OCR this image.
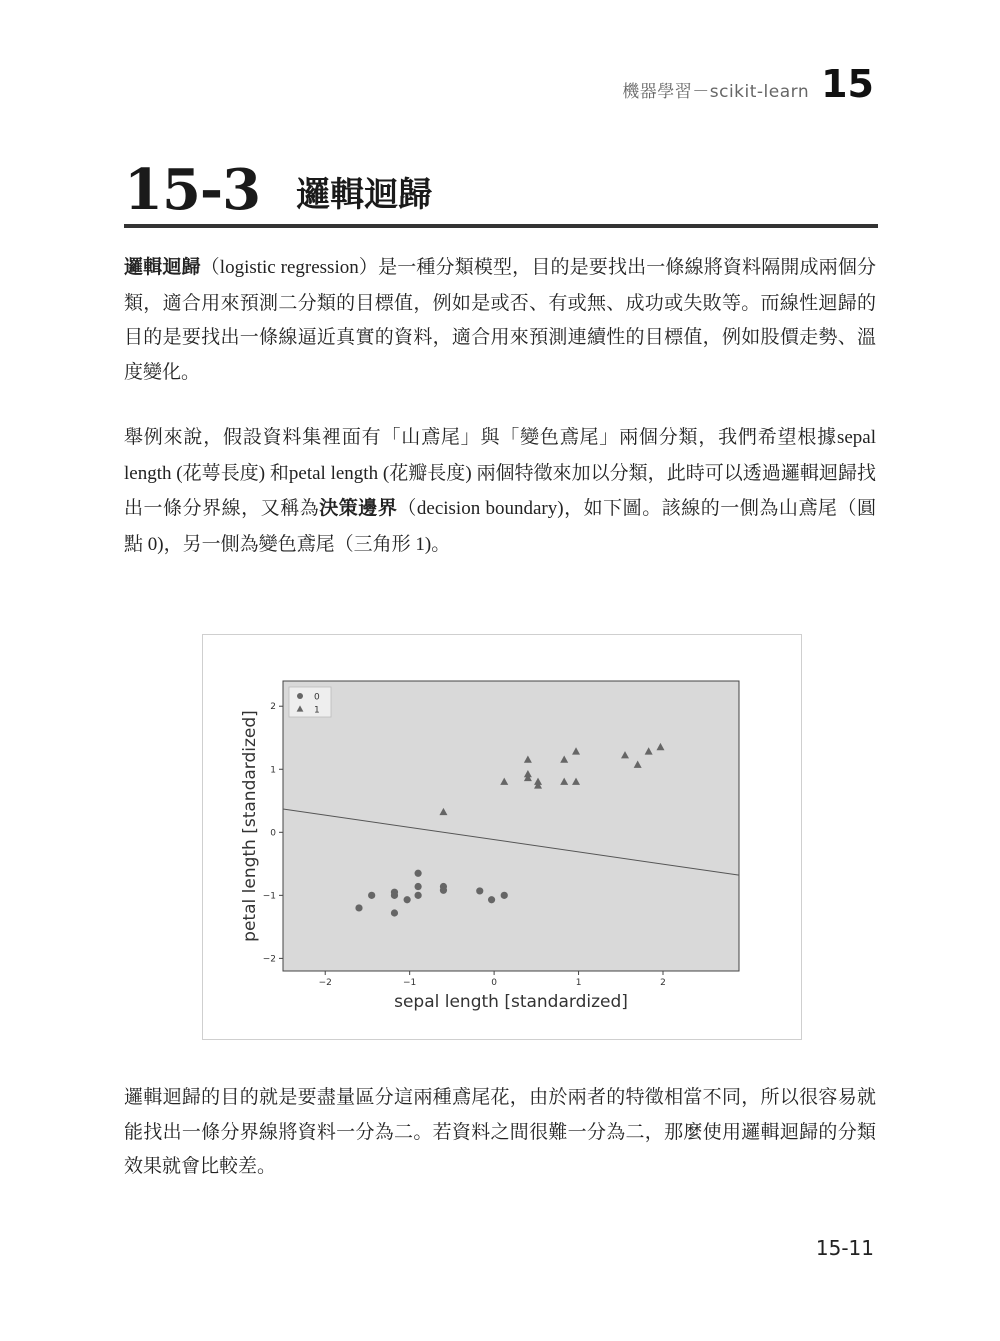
機器學習－scikit-learn 15
15-3 邏輯迴歸
邏輯迴歸（logistic regression）是一種分類模型，目的是要找出一條線將資料隔開成兩個分類，適合用來預測二分類的目標值，例如是或否、有或無、成功或失敗等。而線性迴歸的目的是要找出一條線逼近真實的資料，適合用來預測連續性的目標值，例如股價走勢、溫度變化。
舉例來說，假設資料集裡面有「山鳶尾」與「變色鳶尾」兩個分類，我們希望根據sepal length (花萼長度) 和petal length (花瓣長度) 兩個特徵來加以分類，此時可以透過邏輯迴歸找出一條分界線，又稱為決策邊界（decision boundary)，如下圖。該線的一側為山鳶尾（圓點 0)，另一側為變色鳶尾（三角形 1)。
−2	−1	0	1	2
−2
−1
0
1
2
0
1
sepal length [standardized]
petal length [standardized]
邏輯迴歸的目的就是要盡量區分這兩種鳶尾花，由於兩者的特徵相當不同，所以很容易就能找出一條分界線將資料一分為二。若資料之間很難一分為二，那麼使用邏輯迴歸的分類效果就會比較差。
15-11
